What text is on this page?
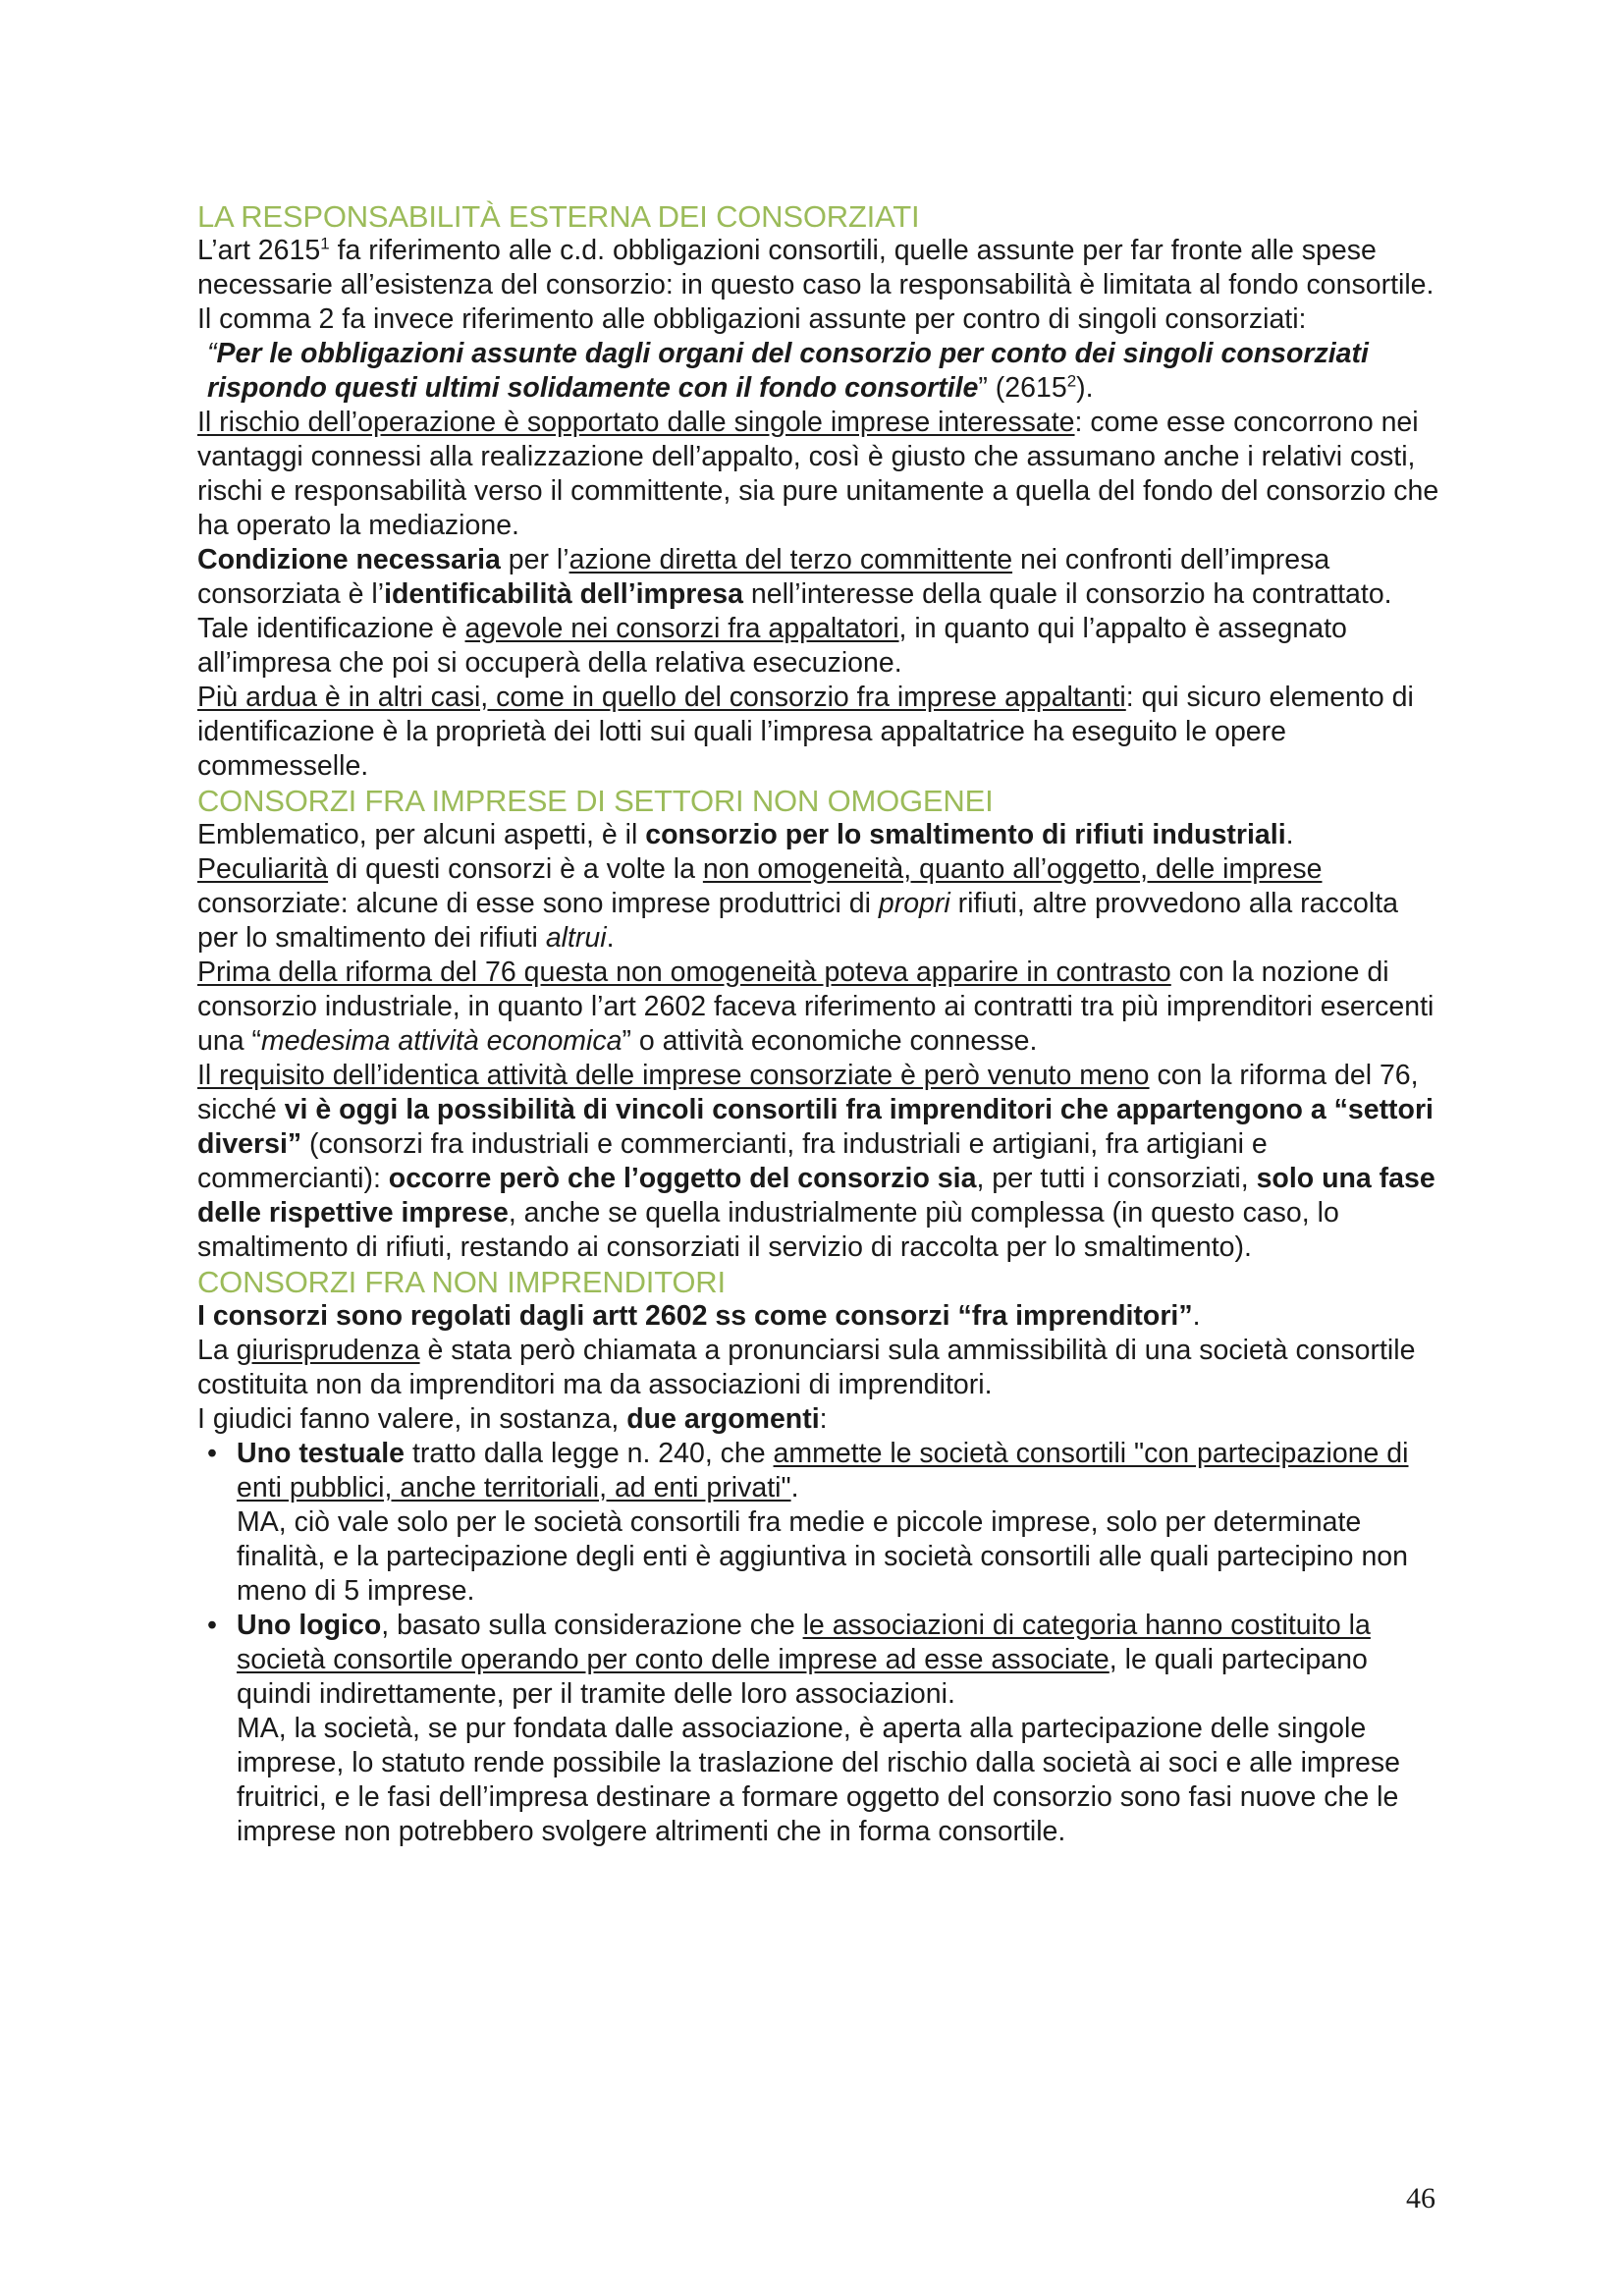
LA RESPONSABILITÀ ESTERNA DEI CONSORZIATI

L’art 2615$^1$ fa riferimento alle c.d. obbligazioni consortili, quelle assunte per far fronte alle spese necessarie all’esistenza del consorzio: in questo caso la responsabilità è limitata al fondo consortile.

Il comma 2 fa invece riferimento alle obbligazioni assunte per contro di singoli consorziati:

“Per le obbligazioni assunte dagli organi del consorzio per conto dei singoli consorziati rispondo questi ultimi solidamente con il fondo consortile” (2615$^2$).

Il rischio dell’operazione è sopportato dalle singole imprese interessate: come esse concorrono nei vantaggi connessi alla realizzazione dell’appalto, così è giusto che assumano anche i relativi costi, rischi e responsabilità verso il committente, sia pure unitamente a quella del fondo del consorzio che ha operato la mediazione.

Condizione necessaria per l’azione diretta del terzo committente nei confronti dell’impresa consorziata è l’identificabilità dell’impresa nell’interesse della quale il consorzio ha contrattato.

Tale identificazione è agevole nei consorzi fra appaltatori, in quanto qui l’appalto è assegnato all’impresa che poi si occuperà della relativa esecuzione.

Più ardua è in altri casi, come in quello del consorzio fra imprese appaltanti: qui sicuro elemento di identificazione è la proprietà dei lotti sui quali l’impresa appaltatrice ha eseguito le opere commesselle.

CONSORZI FRA IMPRESE DI SETTORI NON OMOGENEI

Emblematico, per alcuni aspetti, è il consorzio per lo smaltimento di rifiuti industriali.

Peculiarità di questi consorzi è a volte la non omogeneità, quanto all’oggetto, delle imprese consorziate: alcune di esse sono imprese produttrici di propri rifiuti, altre provvedono alla raccolta per lo smaltimento dei rifiuti altrui.

Prima della riforma del 76 questa non omogeneità poteva apparire in contrasto con la nozione di consorzio industriale, in quanto l’art 2602 faceva riferimento ai contratti tra più imprenditori esercenti una “medesima attività economica” o attività economiche connesse.

Il requisito dell’identica attività delle imprese consorziate è però venuto meno con la riforma del 76, sicché vi è oggi la possibilità di vincoli consortili fra imprenditori che appartengono a “settori diversi” (consorzi fra industriali e commercianti, fra industriali e artigiani, fra artigiani e commercianti): occorre però che l’oggetto del consorzio sia, per tutti i consorziati, solo una fase delle rispettive imprese, anche se quella industrialmente più complessa (in questo caso, lo smaltimento di rifiuti, restando ai consorziati il servizio di raccolta per lo smaltimento).

CONSORZI FRA NON IMPRENDITORI

I consorzi sono regolati dagli artt 2602 ss come consorzi “fra imprenditori”.

La giurisprudenza è stata però chiamata a pronunciarsi sula ammissibilità di una società consortile costituita non da imprenditori ma da associazioni di imprenditori.

I giudici fanno valere, in sostanza, due argomenti:

• Uno testuale tratto dalla legge n. 240, che ammette le società consortili "con partecipazione di enti pubblici, anche territoriali, ad enti privati".
MA, ciò vale solo per le società consortili fra medie e piccole imprese, solo per determinate finalità, e la partecipazione degli enti è aggiuntiva in società consortili alle quali partecipino non meno di 5 imprese.
• Uno logico, basato sulla considerazione che le associazioni di categoria hanno costituito la società consortile operando per conto delle imprese ad esse associate, le quali partecipano quindi indirettamente, per il tramite delle loro associazioni.
MA, la società, se pur fondata dalle associazione, è aperta alla partecipazione delle singole imprese, lo statuto rende possibile la traslazione del rischio dalla società ai soci e alle imprese fruitrici, e le fasi dell’impresa destinare a formare oggetto del consorzio sono fasi nuove che le imprese non potrebbero svolgere altrimenti che in forma consortile.
46
